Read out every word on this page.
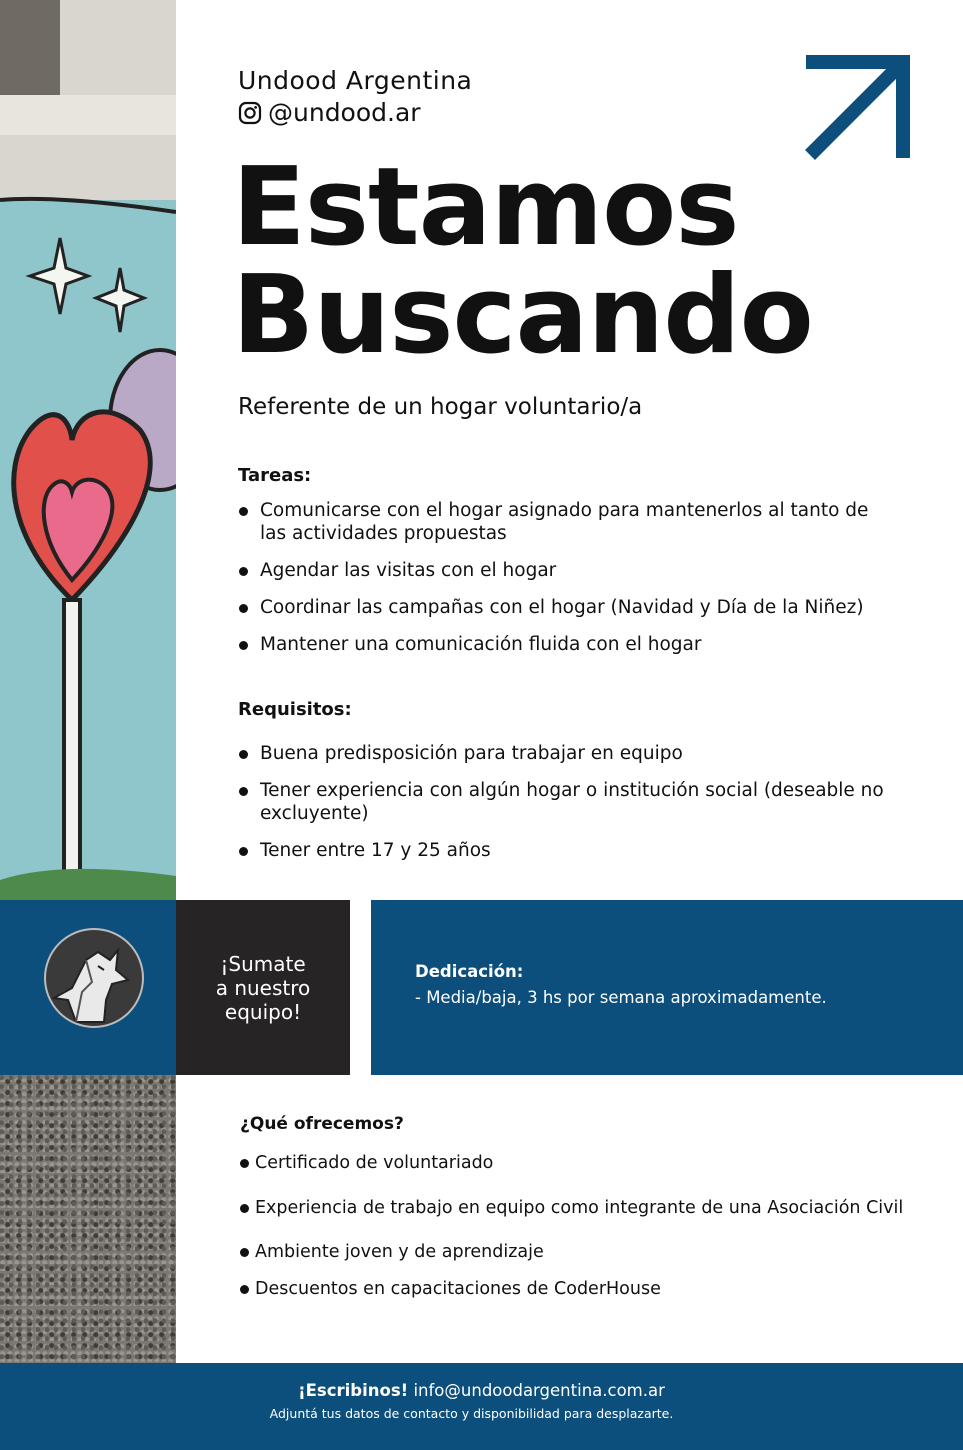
Undood Argentina
@undood.ar
Estamos
Buscando
Referente de un hogar voluntario/a
Tareas:
Comunicarse con el hogar asignado para mantenerlos al tanto de las actividades propuestas
Agendar las visitas con el hogar
Coordinar las campañas con el hogar (Navidad y Día de la Niñez)
Mantener una comunicación fluida con el hogar
Requisitos:
Buena predisposición para trabajar en equipo
Tener experiencia con algún hogar o institución social (deseable no excluyente)
Tener entre 17 y 25 años
¡Sumate
a nuestro
equipo!
Dedicación:
- Media/baja, 3 hs por semana aproximadamente.
¿Qué ofrecemos?
Certificado de voluntariado
Experiencia de trabajo en equipo como integrante de una Asociación Civil
Ambiente joven y de aprendizaje
Descuentos en capacitaciones de CoderHouse
¡Escribinos! info@undoodargentina.com.ar
Adjuntá tus datos de contacto y disponibilidad para desplazarte.
